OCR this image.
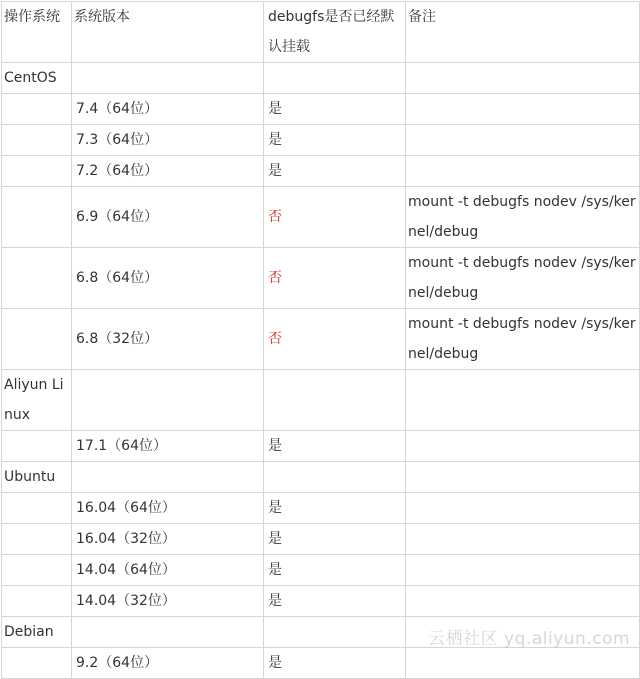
操作系统	系统版本	debugfs是否已经默认挂载	备注
CentOS			
	7.4（64位）	是	
	7.3（64位）	是	
	7.2（64位）	是	
	6.9（64位）	否	mount -t debugfs nodev /sys/kernel/debug
	6.8（64位）	否	mount -t debugfs nodev /sys/kernel/debug
	6.8（32位）	否	mount -t debugfs nodev /sys/kernel/debug
Aliyun Linux			
	17.1（64位）	是	
Ubuntu			
	16.04（64位）	是	
	16.04（32位）	是	
	14.04（64位）	是	
	14.04（32位）	是	
Debian			
	9.2（64位）	是	
云栖社区 yq.aliyun.com
